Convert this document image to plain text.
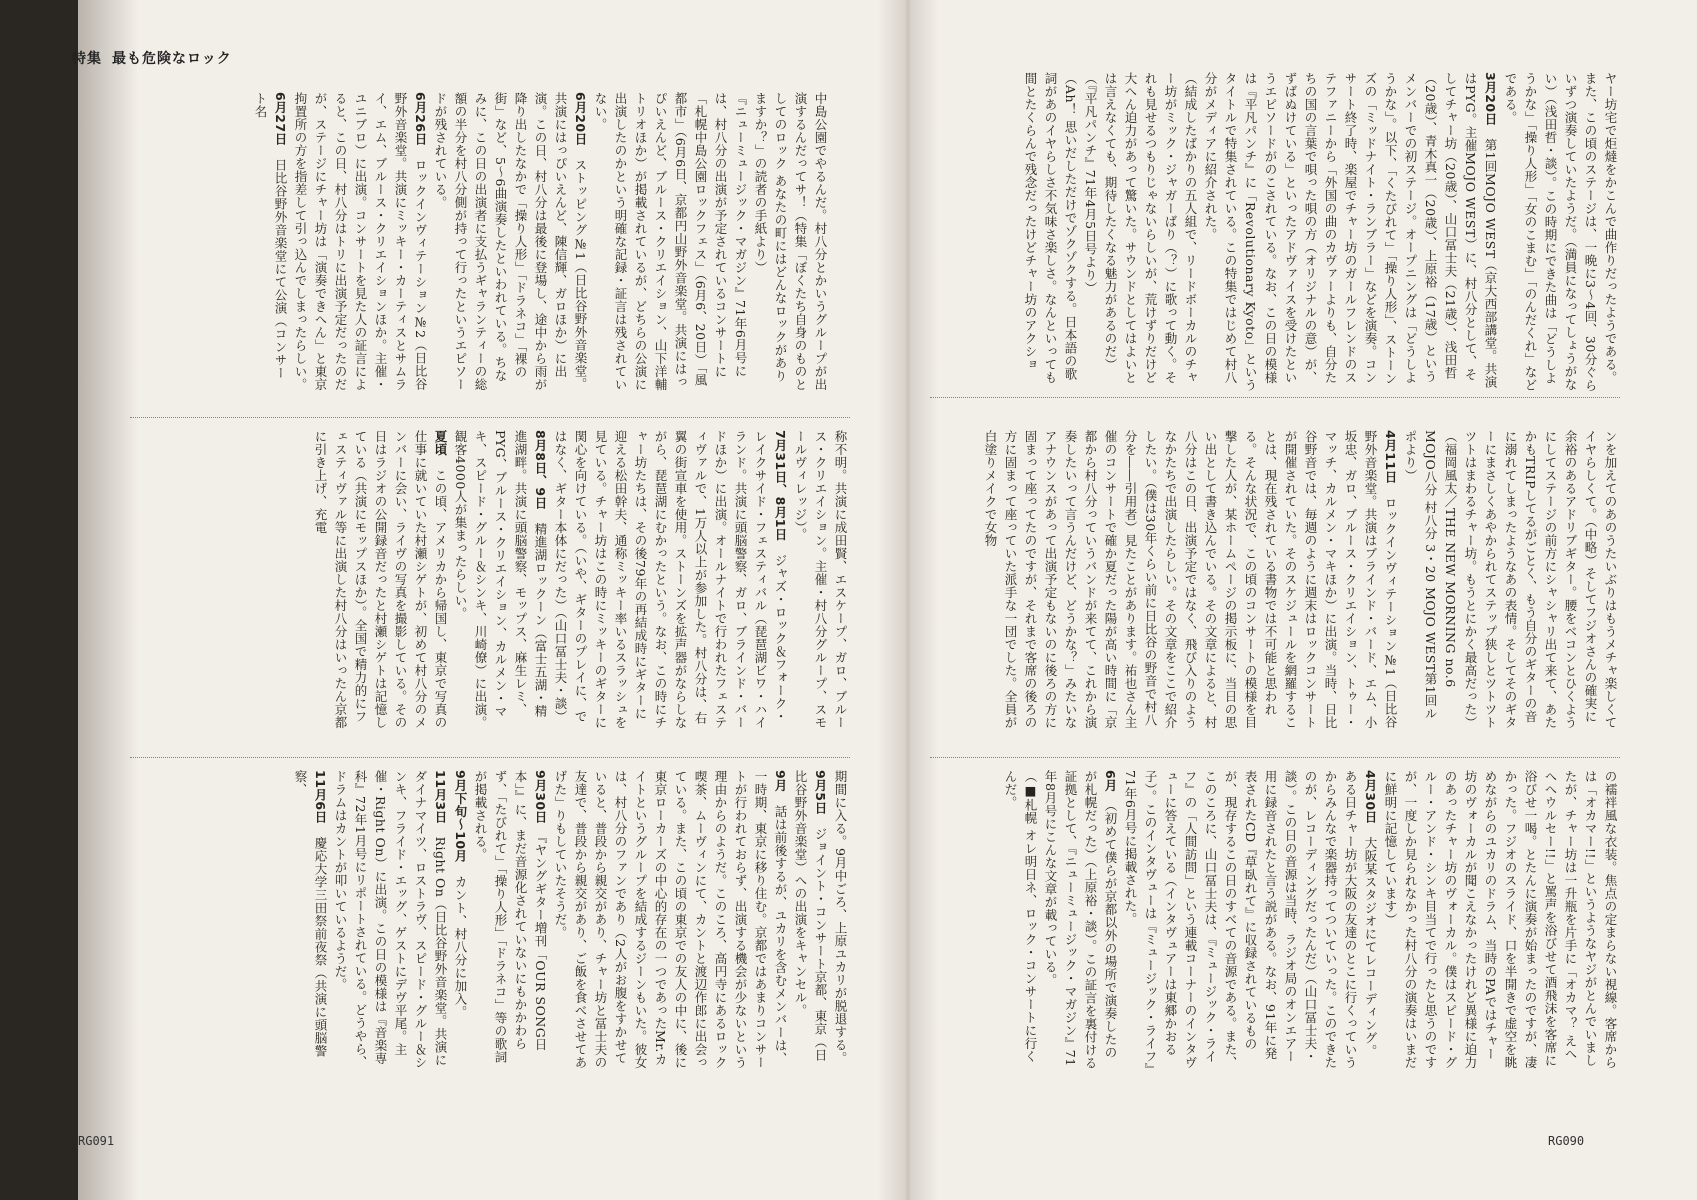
特集 最も危険なロック

中島公園でやるんだ。村八分とかいうグループが出演するんだってサ！（特集「ぼくたち自身のものとしてのロック あなたの町にはどんなロックがありますか？」の読者の手紙より）

『ニューミュージック・マガジン』71年6月号には、村八分の出演が予定されているコンサートに「札幌中島公園ロックフェス」（6月6、20日）「風都市」（6月6日、京都円山野外音楽堂。共演にはっぴいえんど、ブルース・クリエイション、山下洋輔トリオほか）が掲載されているが、どちらの公演に出演したのかという明確な記録・証言は残されていない。

6月20日　ストッピング№1（日比谷野外音楽堂。共演にはっぴいえんど、陳信輝、ガロほか）に出演。この日、村八分は最後に登場し、途中から雨が降り出したなかで「操り人形」「ドラネコ」「裸の街」など、5〜6曲演奏したといわれている。ちなみに、この日の出演者に支払うギャランティーの総額の半分を村八分側が持って行ったというエピソードが残されている。

6月26日　ロックインヴィテーション№2（日比谷野外音楽堂。共演にミッキー・カーティスとサムライ、エム、ブルース・クリエイションほか。主催・ユニブロ）に出演。コンサートを見た人の証言によると、この日、村八分はトリに出演予定だったのだが、ステージにチャー坊は「演奏できへん」と東京拘置所の方を指差して引っ込んでしまったらしい。

6月27日　日比谷野外音楽堂にて公演（コンサート名

称不明。共演に成田賢、エスケープ、ガロ、ブルース・クリエイション。主催・村八分グループ、スモールヴィレッジ）。

7月31日、8月1日　ジャズ・ロック＆フォーク・レイクサイド・フェスティバル（琵琶湖ビワ・ハイランド。共演に頭脳警察、ガロ、ブラインド・バードほか）に出演。オールナイトで行われたフェスティヴァルで、1万人以上が参加した。村八分は、右翼の街宣車を使用。ストーンズを拡声器がならしながら、琵琶湖にむかったという。なお、この時にチャー坊たちは、その後79年の再結成時にギターに迎える松田幹夫、通称ミッキー率いるスラッシュを見ている。チャー坊はこの時にミッキーのギターに関心を向けている。（いや、ギターのプレイに、ではなく、ギター本体にだった）（山口冨士夫・談）

8月8日、9日　精進湖ロックーン（富士五湖・精進湖畔。共演に頭脳警察、モップス、麻生レミ、PYG、ブルース・クリエイション、カルメン・マキ、スピード・グルー＆シンキ、川崎僚）に出演。観客4000人が集まったらしい。

夏頃　この頃、アメリカから帰国し、東京で写真の仕事に就いていた村瀬シゲトが、初めて村八分のメンバーに会い、ライヴの写真を撮影している。その日はラジオの公開録音だったと村瀬シゲトは記憶している（共演にモップスほか）。全国で精力的にフェスティヴァル等に出演した村八分はいったん京都に引き上げ、充電

期間に入る。9月中ごろ、上原ユカリが脱退する。

9月5日　ジョイント・コンサート京都、東京（日比谷野外音楽堂）への出演をキャンセル。

9月　話は前後するが、ユカリを含むメンバーは、一時期、東京に移り住む。京都ではあまりコンサートが行われておらず、出演する機会が少ないという理由からのようだ。このころ、高円寺にあるロック喫茶、ムーヴィンにて、カントと渡辺作郎に出会っている。また、この頃の東京での友人の中に、後に東京ローカーズの中心的存在の一つであったMr.カイトというグループを結成するジーンもいた。彼女は、村八分のファンであり（2人がお腹をすかせていると、普段から親交があり、チャー坊と冨士夫の友達で、普段から親交があり、ご飯を食べさせてあげた」りもしていたそうだ。

9月30日　『ヤングギター増刊「OUR SONG日本」』に、まだ音源化されていないにもかかわらず、「たびれて」「操り人形」「ドラネコ」等の歌詞が掲載される。

9月下旬〜10月　カント、村八分に加入。

11月3日　Right On（日比谷野外音楽堂。共演にダイナマイツ、ロストラヴ、スピード・グルー＆シンキ、フライド・エッグ、ゲストにデヴ平尾。主催・Right On）に出演。この日の模様は『音楽専科』72年1月号にリポートされている。どうやら、ドラムはカントが叩いているようだ。

11月6日　慶応大学三田祭前夜祭（共演に頭脳警察、

ヤー坊宅で炬燵をかこんで曲作りだったようである。また、この頃のステージは、一晩に3〜4回、30分ぐらいずつ演奏していたようだ。（満員になってしょうがない）（浅田哲・談）。この時期にできた曲は「どうしようかな」「操り人形」「女のこまむ」「のんだくれ」などである。

3月20日　第1回MOJO WEST（京大西部講堂。共演はPYG。主催MOJO WEST）に、村八分として、そしてチャー坊（20歳）、山口冨士夫（21歳）、浅田哲（20歳）、青木真一（20歳）、上原裕（17歳）というメンバーでの初ステージ。オープニングは「どうしようかな」。以下、「くたびれて」「操り人形」、ストーンズの「ミッドナイト・ランブラー」などを演奏。コンサート終了時、楽屋でチャー坊のガールフレンドのステファニーから「外国の曲のカヴァーよりも、自分たちの国の言葉で唄った唄の方（オリジナルの意）が、ずばぬけている」といったアドヴァイスを受けたというエピソードがのこされている。なお、この日の模様は『平凡パンチ』に「Revolutionary Kyoto」というタイトルで特集されている。この特集ではじめて村八分がメディアに紹介された。

（結成したばかりの五人組で、リードボーカルのチャー坊がミック・ジャガーばり（？）に歌って動く。それも見せるつもりじゃないらしいが、荒けずりだけど大へん迫力があって驚いた。サウンドとしてはよいとは言えなくても、期待したくなる魅力があるのだ）（『平凡パンチ』71年4月5日号より）

（Ah！ 思いだしただけでゾクゾクする。日本語の歌詞があのイヤらしさ不気味さ楽しさ。なんといっても間とたくらんで残念だったけどチャー坊のアクショ

ンを加えてのあのうたいぶりはもうメチャ楽しくてイヤらしくて。（中略）そしてフジオさんの確実に余裕のあるアドリブギター。腰をベコンとひくようにしてステージの前方にシャシャリ出て来て、あたかもTRIPしてるがごとく、もう自分のギターの音に溺れてしまったようなあの表情。そしてそのギターにまさしくあやかられてステップ狭しとツトツトツトはまわるチャー坊。もうとにかく最高だった）（福岡風太／THE NEW MORNING no.6 MOJO八分 村八分 3・20 MOJO WEST第1回ルポより）

4月11日　ロックインヴィテーション№1（日比谷野外音楽堂。共演はブラインド・バード、エム、小坂忠、ガロ、ブルース・クリエイション、トゥー・マッチ、カルメン・マキほか）に出演。当時、日比谷野音では、毎週のように週末はロックコンサートが開催されていた。そのスケジュールを網羅することは、現在残されている書物では不可能と思われる。そんな状況で、この頃のコンサートの模様を目撃した人が、某ホームページの掲示板に、当日の思い出として書き込んでいる。その文章によると、村八分はこの日、出演予定ではなく、飛び入りのようなかたちで出演したらしい。その文章をここで紹介したい。（僕は30年くらい前に日比谷の野音で村八分を――引用者）見たことがあります。祐也さん主催のコンサートで確か夏だった陽が高い時間に「京都から村八分っていうバンドが来てて、これから演奏したいって言うんだけど、どうかな？」みたいなアナウンスがあって出演予定もないのに後ろの方に固まって座ってたのですが、それまで客席の後ろの方に固まって座っていた派手な一団でした。全員が白塗りメイクで女物

の襦袢風な衣装。焦点の定まらない視線。客席からは「オカマー!!」というようなヤジがとんでいましたが、チャー坊は一升瓶を片手に「オカマ？ えへへへウルセー!!」と罵声を浴びせて酒飛沫を客席に浴びせ一喝。とたんに演奏が始まったのですが、凄かった。フジオのスライド、口を半開きで虚空を眺めながらのユカリのドラム、当時のPAではチャー坊のヴォーカルが聞こえなかったけれど異様に迫力のあったチャー坊のヴォーカル。僕はスピード・グルー・アンド・シンキ目当てで行ったと思うのですが、一度しか見られなかった村八分の演奏はいまだに鮮明に記憶しています）

4月30日　大阪某スタジオにてレコーディング。ある日チャー坊が大阪の友達のとこに行くっていうからみんなで楽器持ってついていった。このできたのが、レコーディングだったんだ）（山口冨士夫・談）。この日の音源は当時、ラジオ局のオンエアー用に録音されたと言う説がある。なお、91年に発表されたCD『草臥れて』に収録されているものが、現存するこの日のすべての音源である。また、このころに、山口冨士夫は、『ミュージック・ライフ』の「人間訪問」という連載コーナーのインタヴューに答えている（インタヴュアーは東郷かおる子）。このインタヴューは『ミュージック・ライフ』71年6月号に掲載された。

6月　（初めて僕らが京都以外の場所で演奏したのが札幌だった）（上原裕・談）。この証言を裏付ける証拠として、『ニューミュージック・マガジン』71年8月号にこんな文章が載っている。

（■札幌 オレ明日ネ、ロック・コンサートに行くんだ。

RG091	RG090
